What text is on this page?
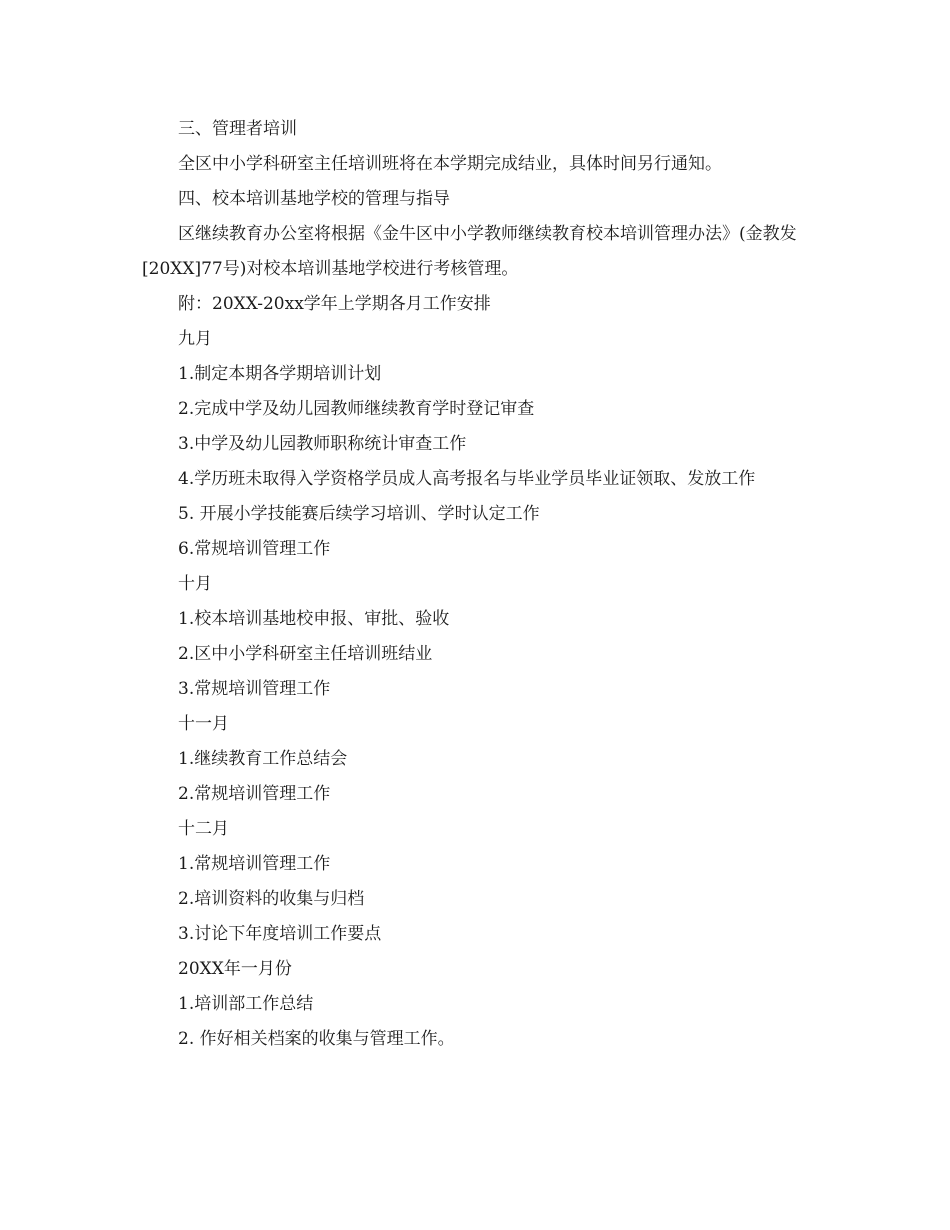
三、管理者培训
全区中小学科研室主任培训班将在本学期完成结业，具体时间另行通知。
四、校本培训基地学校的管理与指导
区继续教育办公室将根据《金牛区中小学教师继续教育校本培训管理办法》(金教发[20XX]77号)对校本培训基地学校进行考核管理。
附：20XX-20xx学年上学期各月工作安排
九月
1.制定本期各学期培训计划
2.完成中学及幼儿园教师继续教育学时登记审查
3.中学及幼儿园教师职称统计审查工作
4.学历班未取得入学资格学员成人高考报名与毕业学员毕业证领取、发放工作
5. 开展小学技能赛后续学习培训、学时认定工作
6.常规培训管理工作
十月
1.校本培训基地校申报、审批、验收
2.区中小学科研室主任培训班结业
3.常规培训管理工作
十一月
1.继续教育工作总结会
2.常规培训管理工作
十二月
1.常规培训管理工作
2.培训资料的收集与归档
3.讨论下年度培训工作要点
20XX年一月份
1.培训部工作总结
2. 作好相关档案的收集与管理工作。
